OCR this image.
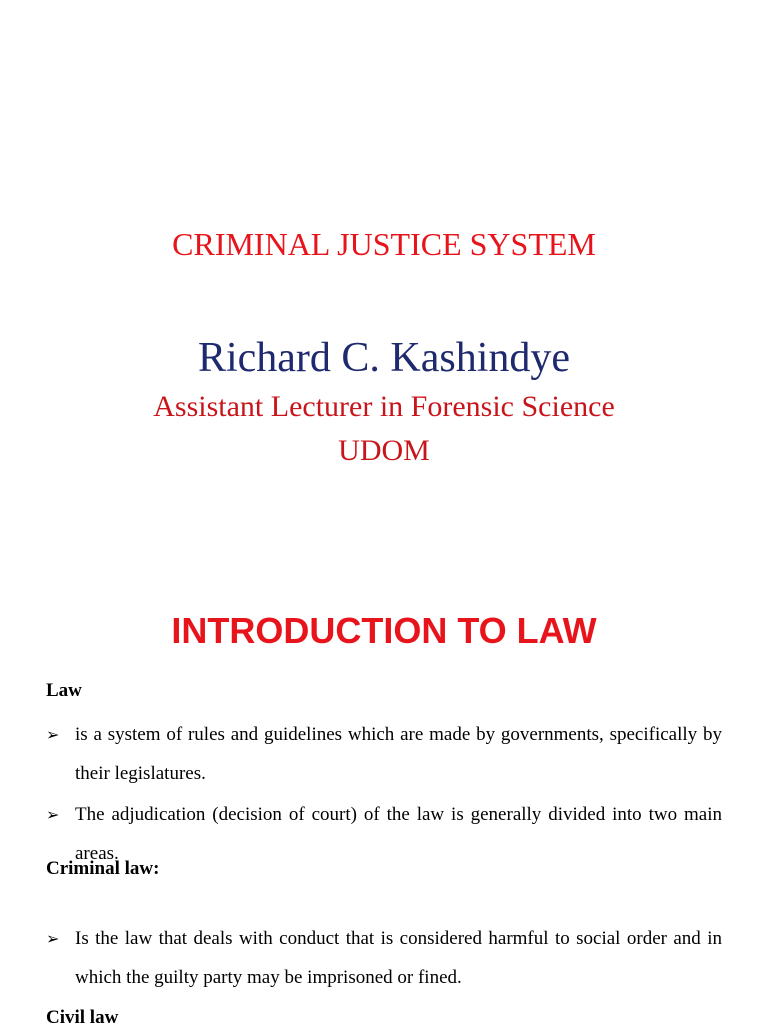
CRIMINAL JUSTICE SYSTEM
Richard C. Kashindye
Assistant Lecturer in Forensic Science
UDOM
INTRODUCTION TO LAW
Law
➢ is a system of rules and guidelines which are made by governments, specifically by their legislatures.
➢ The adjudication (decision of court) of the law is generally divided into two main areas.
Criminal law:
➢ Is the law that deals with conduct that is considered harmful to social order and in which the guilty party may be imprisoned or fined.
Civil law
